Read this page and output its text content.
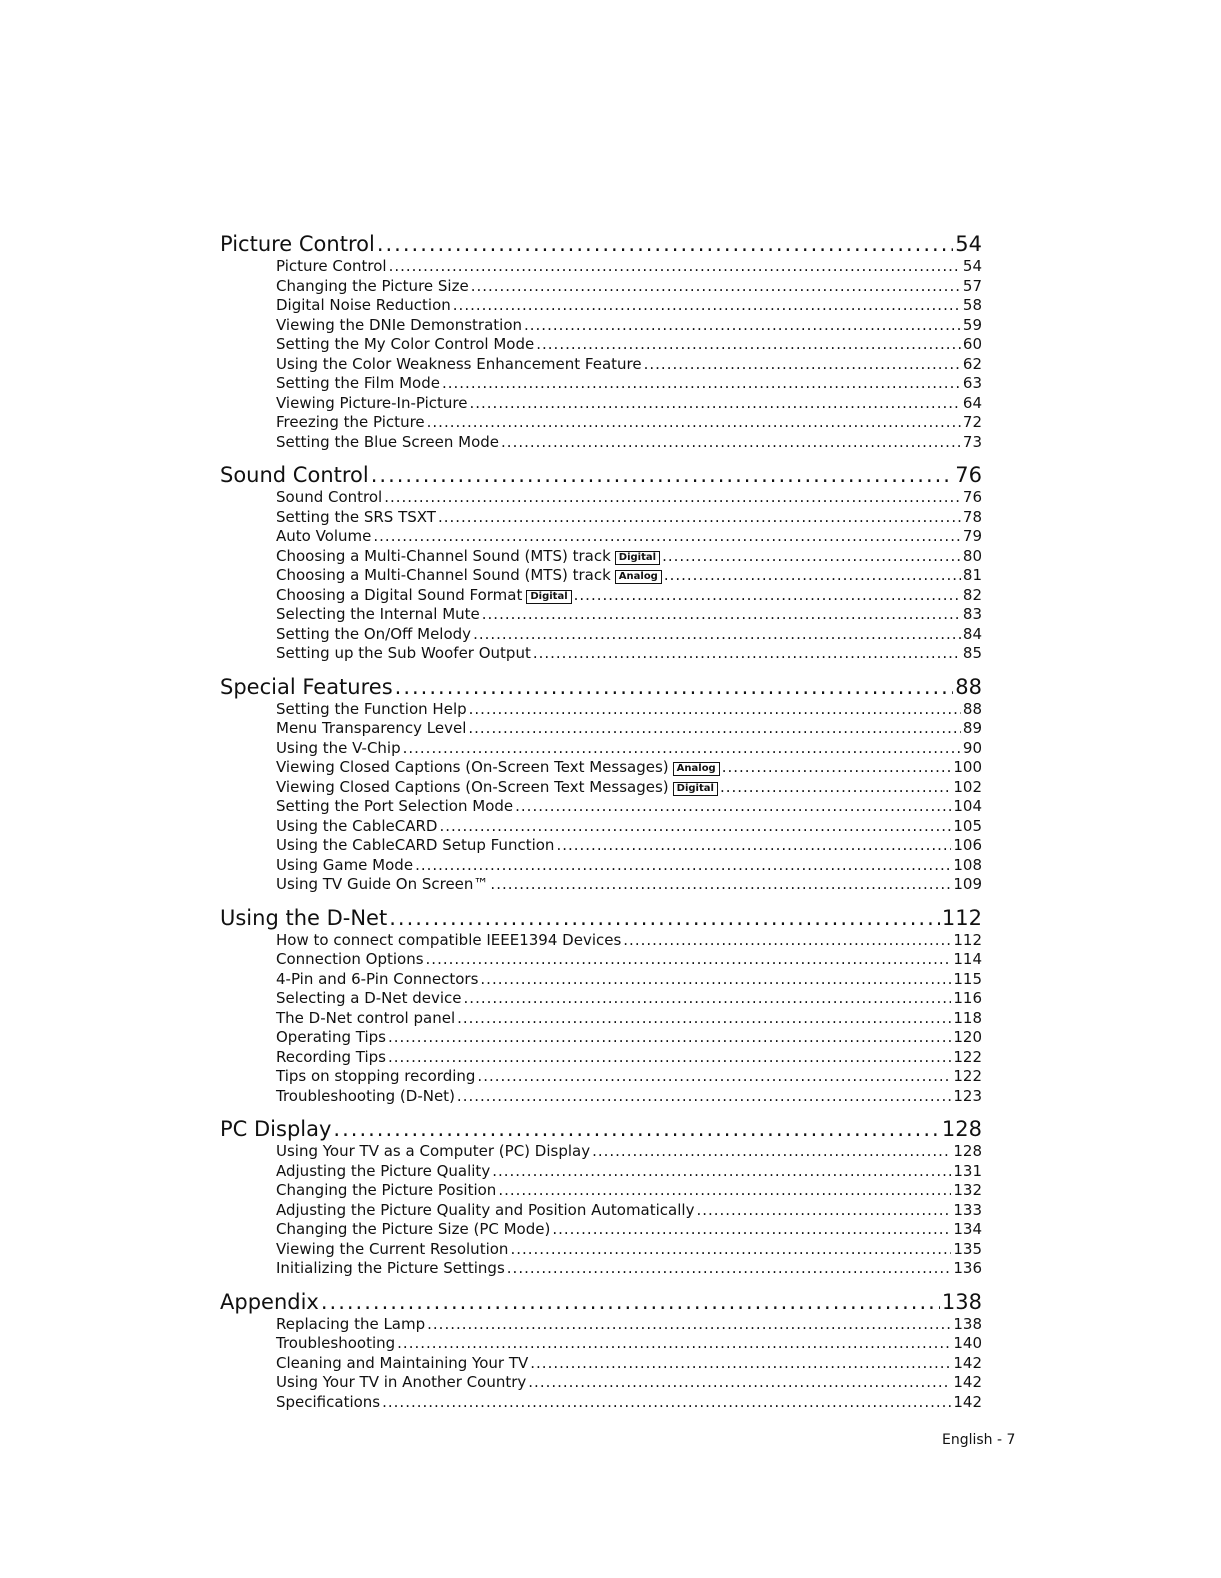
Picture Control .....	54
Picture Control .....	54
Changing the Picture Size .....	57
Digital Noise Reduction .....	58
Viewing the DNIe Demonstration .....	59
Setting the My Color Control Mode .....	60
Using the Color Weakness Enhancement Feature .....	62
Setting the Film Mode .....	63
Viewing Picture-In-Picture .....	64
Freezing the Picture .....	72
Setting the Blue Screen Mode .....	73
Sound Control .....	76
Sound Control .....	76
Setting the SRS TSXT .....	78
Auto Volume .....	79
Choosing a Multi-Channel Sound (MTS) track Digital .....	80
Choosing a Multi-Channel Sound (MTS) track Analog .....	81
Choosing a Digital Sound Format Digital .....	82
Selecting the Internal Mute .....	83
Setting the On/Off Melody .....	84
Setting up the Sub Woofer Output .....	85
Special Features .....	88
Setting the Function Help .....	88
Menu Transparency Level .....	89
Using the V-Chip .....	90
Viewing Closed Captions (On-Screen Text Messages) Analog .....	100
Viewing Closed Captions (On-Screen Text Messages) Digital .....	102
Setting the Port Selection Mode .....	104
Using the CableCARD .....	105
Using the CableCARD Setup Function .....	106
Using Game Mode .....	108
Using TV Guide On Screen™ .....	109
Using the D-Net .....	112
How to connect compatible IEEE1394 Devices .....	112
Connection Options .....	114
4-Pin and 6-Pin Connectors .....	115
Selecting a D-Net device .....	116
The D-Net control panel .....	118
Operating Tips .....	120
Recording Tips .....	122
Tips on stopping recording .....	122
Troubleshooting (D-Net) .....	123
PC Display .....	128
Using Your TV as a Computer (PC) Display .....	128
Adjusting the Picture Quality .....	131
Changing the Picture Position .....	132
Adjusting the Picture Quality and Position Automatically .....	133
Changing the Picture Size (PC Mode) .....	134
Viewing the Current Resolution .....	135
Initializing the Picture Settings .....	136
Appendix .....	138
Replacing the Lamp .....	138
Troubleshooting .....	140
Cleaning and Maintaining Your TV .....	142
Using Your TV in Another Country .....	142
Specifications .....	142
English - 7
